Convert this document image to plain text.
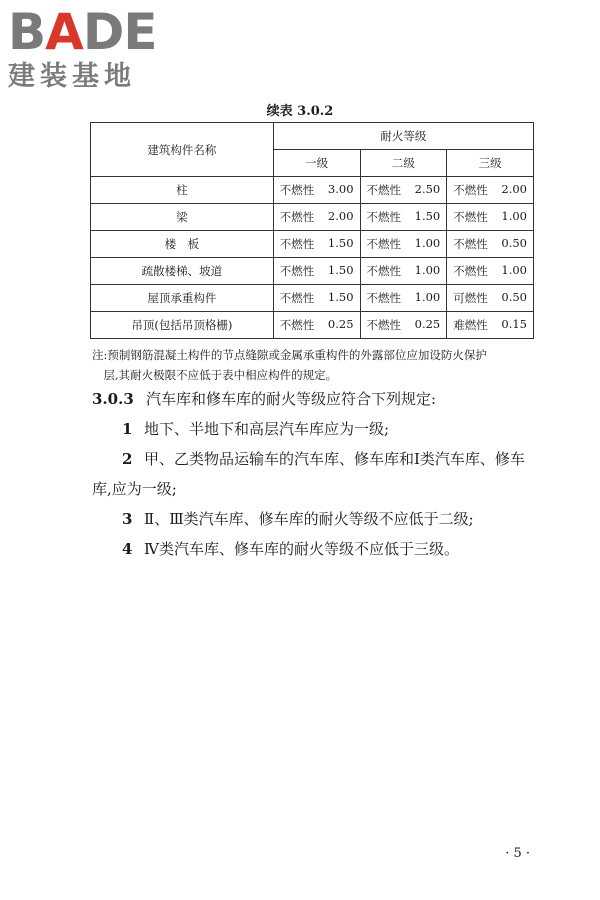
BADE
建装基地
续表 3.0.2
建筑构件名称	耐火等级		
	一级	二级	三级
柱	不燃性 3.00	不燃性 2.50	不燃性 2.00

梁	不燃性 2.00	不燃性 1.50	不燃性 1.00

楼　板	不燃性 1.50	不燃性 1.00	不燃性 0.50

疏散楼梯、坡道	不燃性 1.50	不燃性 1.00	不燃性 1.00

屋顶承重构件	不燃性 1.50	不燃性 1.00	可燃性 0.50

吊顶(包括吊顶格栅)	不燃性 0.25	不燃性 0.25	难燃性 0.15
注:预制钢筋混凝土构件的节点缝隙或金属承重构件的外露部位应加设防火保护
　层,其耐火极限不应低于表中相应构件的规定。
3.0.3 汽车库和修车库的耐火等级应符合下列规定:
1 地下、半地下和高层汽车库应为一级;
2 甲、乙类物品运输车的汽车库、修车库和Ⅰ类汽车库、修车
库,应为一级;
3 Ⅱ、Ⅲ类汽车库、修车库的耐火等级不应低于二级;
4 Ⅳ类汽车库、修车库的耐火等级不应低于三级。
· 5 ·
